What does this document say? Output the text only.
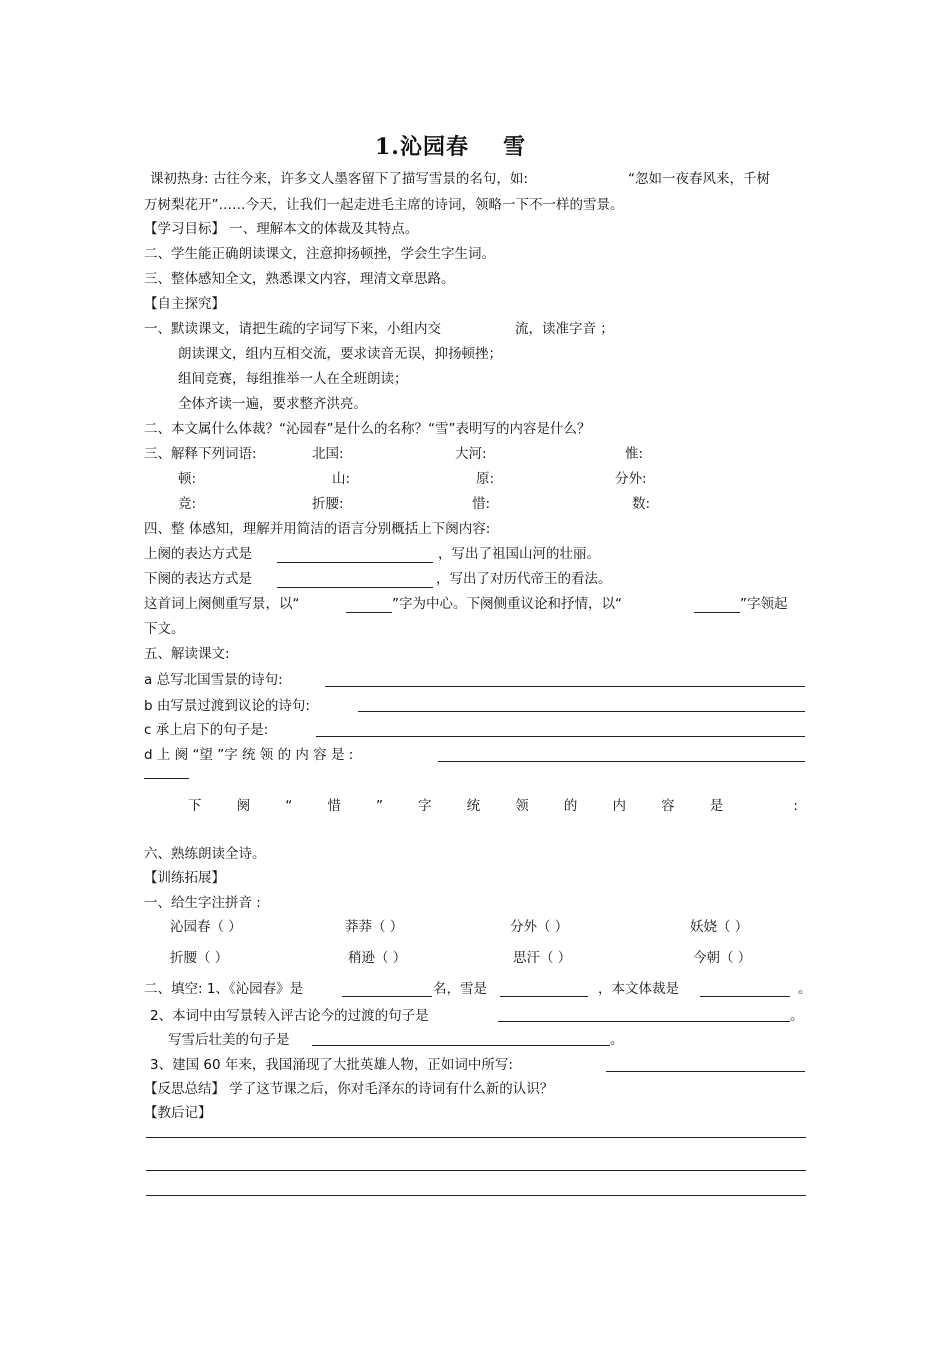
1.沁园春 雪
课初热身: 古往今来，许多文人墨客留下了描写雪景的名句，如:	“忽如一夜春风来，千树
万树梨花开”……今天，让我们一起走进毛主席的诗词，领略一下不一样的雪景。
【学习目标】 一、理解本文的体裁及其特点。
二、学生能正确朗读课文，注意抑扬顿挫，学会生字生词。
三、整体感知全文，熟悉课文内容，理清文章思路。
【自主探究】
一、默读课文，请把生疏的字词写下来，小组内交	流，读准字音 ；
朗读课文，组内互相交流，要求读音无误，抑扬顿挫；
组间竞赛，每组推举一人在全班朗读；
全体齐读一遍，要求整齐洪亮。
二、本文属什么体裁？“沁园春”是什么的名称？“雪”表明写的内容是什么？
三、解释下列词语:	北国:	大河:	惟:
顿:	山:	原:	分外:
竞:	折腰:	惜:	数:
四、整 体感知，理解并用简洁的语言分别概括上下阕内容:
上阕的表达方式是	，写出了祖国山河的壮丽。
下阕的表达方式是	，写出了对历代帝王的看法。
这首词上阕侧重写景，以“	”字为中心。下阕侧重议论和抒情，以“	”字领起
下文。
五、解读课文:
a 总写北国雪景的诗句:
b 由写景过渡到议论的诗句:
c 承上启下的句子是:
d 上 阕 “望 ”字 统 领 的 内 容 是 :
下	阕	“	惜	”	字	统	领	的	内	容	是	:
六、熟练朗读全诗。
【训练拓展】
一、给生字注拼音 :
沁园春（ ）	莽莽（ ）	分外（ ）	妖娆（ ）
折腰（ ）	稍逊（ ）	思汗（ ）	今朝（ ）
二、填空: 1、《沁园春》是	名，雪是	，本文体裁是	。
2、本词中由写景转入评古论今的过渡的句子是	。
写雪后壮美的句子是	。
3、建国 60 年来，我国涌现了大批英雄人物，正如词中所写:
【反思总结】 学了这节课之后，你对毛泽东的诗词有什么新的认识？
【教后记】
